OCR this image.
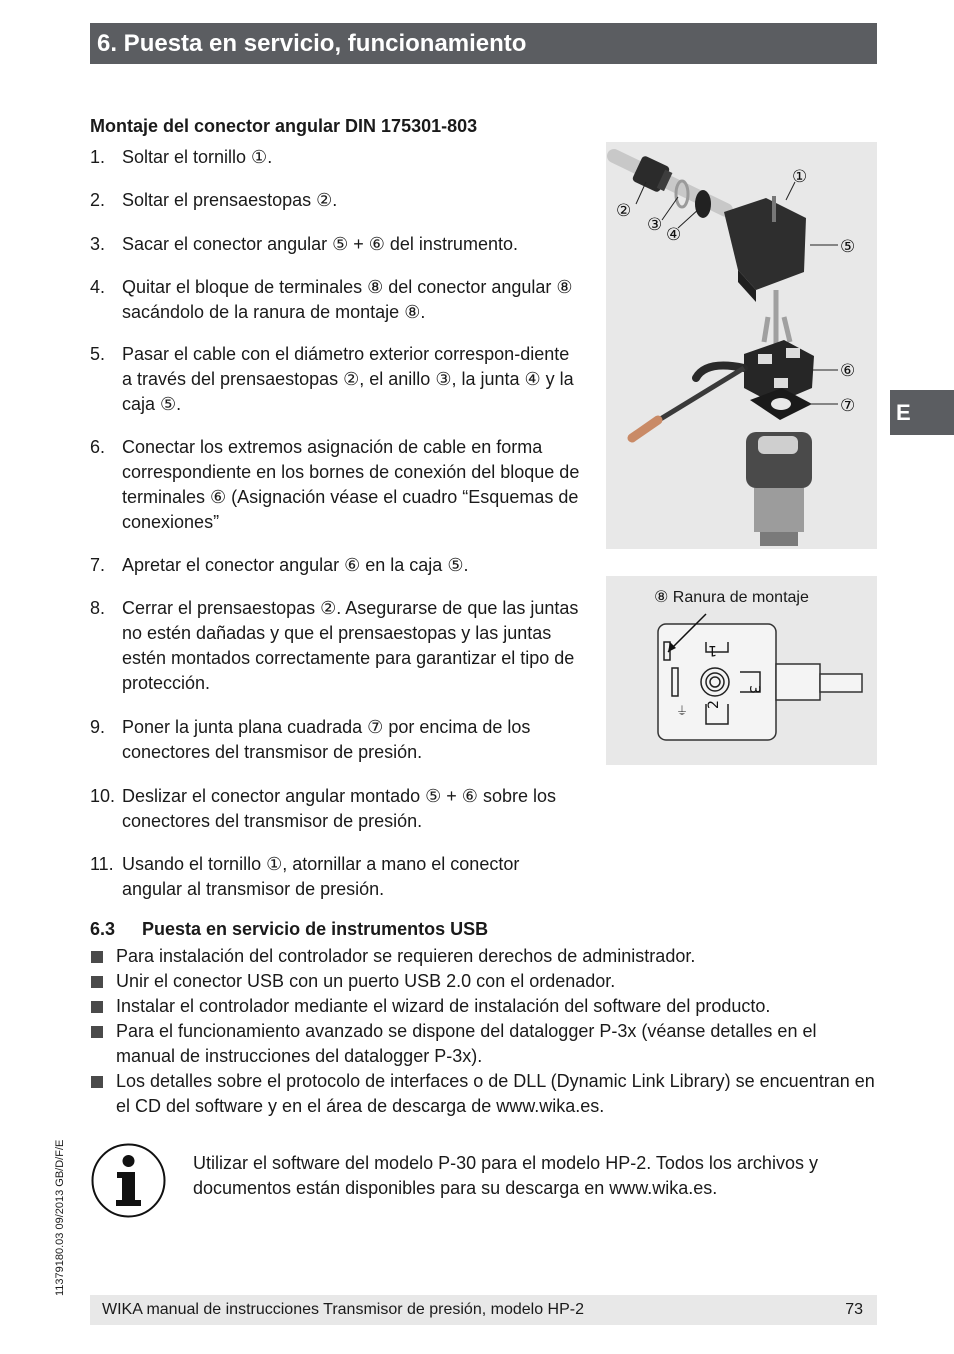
6. Puesta en servicio, funcionamiento
E
Montaje del conector angular DIN 175301-803
1. Soltar el tornillo ①.
2. Soltar el prensaestopas ②.
3. Sacar el conector angular ⑤ + ⑥ del instrumento.
4. Quitar el bloque de terminales ⑧ del conector angular ⑧ sacándolo de la ranura de montaje ⑧.
5. Pasar el cable con el diámetro exterior correspon-diente a través del prensaestopas ②, el anillo ③, la junta ④ y la caja ⑤.
6. Conectar los extremos asignación de cable en forma correspondiente en los bornes de conexión del bloque de terminales ⑥ (Asignación véase el cuadro “Esquemas de conexiones”
7. Apretar el conector angular ⑥ en la caja ⑤.
8. Cerrar el prensaestopas ②. Asegurarse de que las juntas no estén dañadas y que el prensaestopas y las juntas estén montados correctamente para garantizar el tipo de protección.
9. Poner la junta plana cuadrada ⑦ por encima de los conectores del transmisor de presión.
10. Deslizar el conector angular montado ⑤ + ⑥ sobre los conectores del transmisor de presión.
11. Usando el tornillo ①, atornillar a mano el conector angular al transmisor de presión.
①
②
③ ④
⑤
⑥
⑦
⑧ Ranura de montaje
1
2
3
⏚
6.3 Puesta en servicio de instrumentos USB
Para instalación del controlador se requieren derechos de administrador.
Unir el conector USB con un puerto USB 2.0 con el ordenador.
Instalar el controlador mediante el wizard de instalación del software del producto.
Para el funcionamiento avanzado se dispone del datalogger P-3x (véanse detalles en el manual de instrucciones del datalogger P-3x).
Los detalles sobre el protocolo de interfaces o de DLL (Dynamic Link Library) se encuentran en el CD del software y en el área de descarga de www.wika.es.
Utilizar el software del modelo P-30 para el modelo HP-2. Todos los archivos y documentos están disponibles para su descarga en www.wika.es.
11379180.03 09/2013 GB/D/F/E
WIKA manual de instrucciones Transmisor de presión, modelo HP-2	73
